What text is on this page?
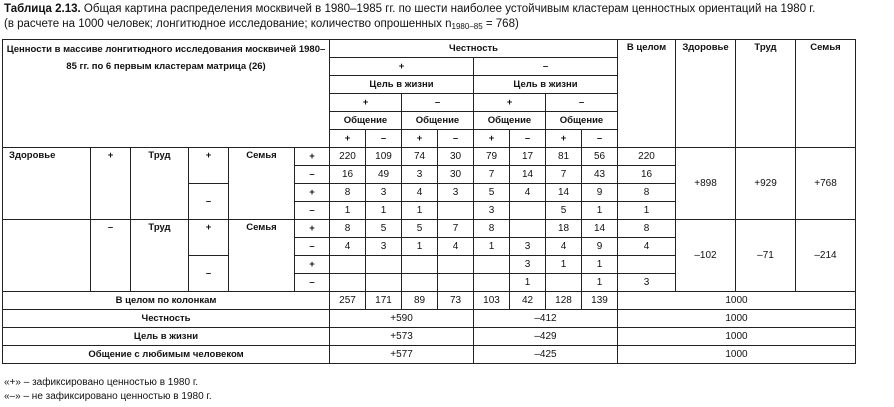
Таблица 2.13. Общая картина распределения москвичей в 1980–1985 гг. по шести наиболее устойчивым кластерам ценностных ориентаций на 1980 г.
(в расчете на 1000 человек; лонгитюдное исследование; количество опрошенных $n_{1980-85} = 768$)
Ценности в массиве лонгитюдного исследования москвичей 1980–85 гг. по 6 первым кластерам матрица (26)						Честность								В целом	Здоровье	Труд	Семья
						+				–							
						Цель в жизни				Цель в жизни							
						+		–		+		–					
						Общение		Общение		Общение		Общение					
						+	–	+	–	+	–	+	–				
Здоровье	+	Труд	+	Семья	+	220	109	74	30	79	17	81	56	220	+898	+929	+768
					–	16	49	3	30	7	14	7	43	16			
			–		+	8	3	4	3	5	4	14	9	8			
					–	1	1	1		3		5	1	1			
	–	Труд	+	Семья	+	8	5	5	7	8		18	14	8	–102	–71	–214
					–	4	3	1	4	1	3	4	9	4			
			–		+						3	1	1				
					–						1		1	3			
В целом по колонкам						257	171	89	73	103	42	128	139	1000			
Честность						+590				–412				1000			
Цель в жизни						+573				–429				1000			
Общение с любимым человеком						+577				–425				1000			
«+» – зафиксировано ценностью в 1980 г.
«–» – не зафиксировано ценностью в 1980 г.
